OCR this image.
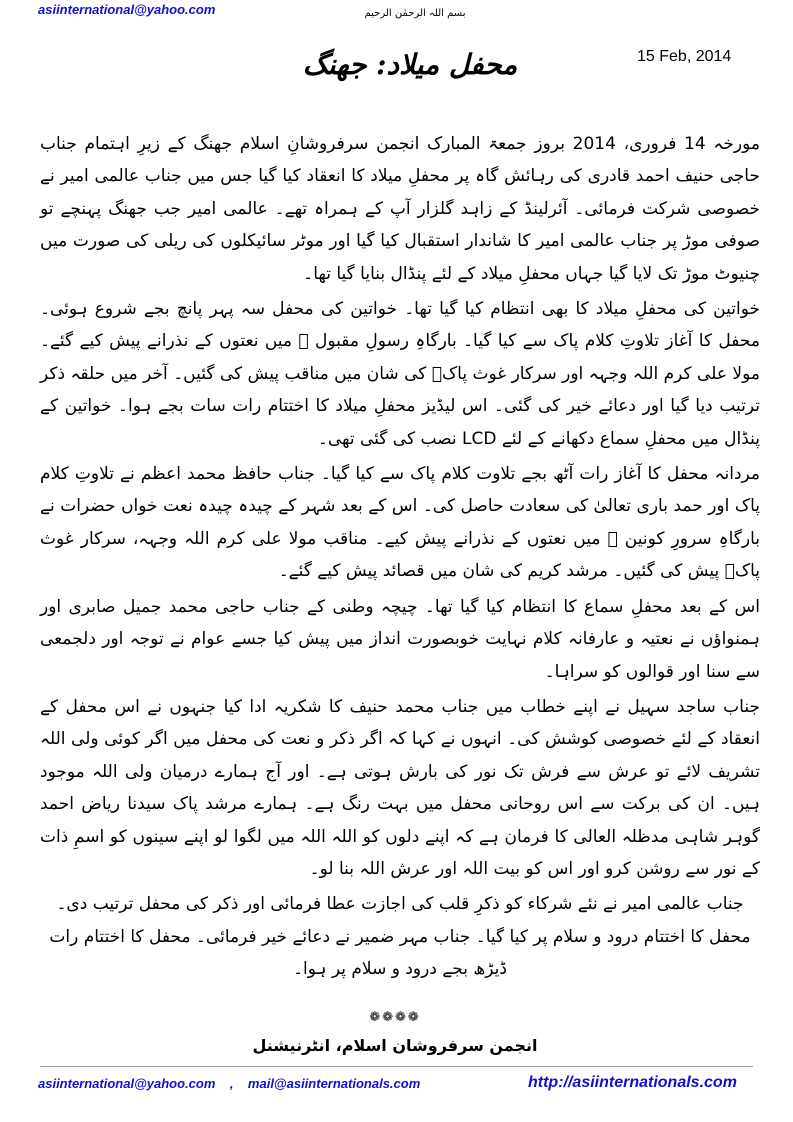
asiinternational@yahoo.com	بسم اللہ الرحمٰن الرحیم
محفل میلاد: جھنگ	15 Feb, 2014

مورخہ 14 فروری، 2014 بروز جمعۃ المبارک انجمن سرفروشانِ اسلام جھنگ کے زیرِ اہتمام جناب حاجی حنیف احمد قادری کی رہائش گاہ پر محفلِ میلاد کا انعقاد کیا گیا جس میں جناب عالمی امیر نے خصوصی شرکت فرمائی۔ آئرلینڈ کے زاہد گلزار آپ کے ہمراہ تھے۔ عالمی امیر جب جھنگ پہنچے تو صوفی موڑ پر جناب عالمی امیر کا شاندار استقبال کیا گیا اور موٹر سائیکلوں کی ریلی کی صورت میں چنیوٹ موڑ تک لایا گیا جہاں محفلِ میلاد کے لئے پنڈال بنایا گیا تھا۔

خواتین کی محفلِ میلاد کا بھی انتظام کیا گیا تھا۔ خواتین کی محفل سہ پہر پانچ بجے شروع ہوئی۔ محفل کا آغاز تلاوتِ کلام پاک سے کیا گیا۔ بارگاہِ رسولِ مقبول ﷺ میں نعتوں کے نذرانے پیش کیے گئے۔ مولا علی کرم اللہ وجہہ اور سرکار غوث پاکؓ کی شان میں مناقب پیش کی گئیں۔ آخر میں حلقہ ذکر ترتیب دیا گیا اور دعائے خیر کی گئی۔ اس لیڈیز محفلِ میلاد کا اختتام رات سات بجے ہوا۔ خواتین کے پنڈال میں محفلِ سماع دکھانے کے لئے LCD نصب کی گئی تھی۔

مردانہ محفل کا آغاز رات آٹھ بجے تلاوت کلام پاک سے کیا گیا۔ جناب حافظ محمد اعظم نے تلاوتِ کلام پاک اور حمد باری تعالیٰ کی سعادت حاصل کی۔ اس کے بعد شہر کے چیدہ چیدہ نعت خواں حضرات نے بارگاہِ سرورِ کونین ﷺ میں نعتوں کے نذرانے پیش کیے۔ مناقب مولا علی کرم اللہ وجہہ، سرکار غوث پاکؓ پیش کی گئیں۔ مرشد کریم کی شان میں قصائد پیش کیے گئے۔

اس کے بعد محفلِ سماع کا انتظام کیا گیا تھا۔ چیچہ وطنی کے جناب حاجی محمد جمیل صابری اور ہمنواؤں نے نعتیہ و عارفانہ کلام نہایت خوبصورت انداز میں پیش کیا جسے عوام نے توجہ اور دلجمعی سے سنا اور قوالوں کو سراہا۔

جناب ساجد سہیل نے اپنے خطاب میں جناب محمد حنیف کا شکریہ ادا کیا جنہوں نے اس محفل کے انعقاد کے لئے خصوصی کوشش کی۔ انہوں نے کہا کہ اگر ذکر و نعت کی محفل میں اگر کوئی ولی اللہ تشریف لائے تو عرش سے فرش تک نور کی بارش ہوتی ہے۔ اور آج ہمارے درمیان ولی اللہ موجود ہیں۔ ان کی برکت سے اس روحانی محفل میں بہت رنگ ہے۔ ہمارے مرشد پاک سیدنا ریاض احمد گوہر شاہی مدظلہ العالی کا فرمان ہے کہ اپنے دلوں کو اللہ اللہ میں لگوا لو اپنے سینوں کو اسمِ ذات کے نور سے روشن کرو اور اس کو بیت اللہ اور عرش اللہ بنا لو۔

جناب عالمی امیر نے نئے شرکاء کو ذکرِ قلب کی اجازت عطا فرمائی اور ذکر کی محفل ترتیب دی۔ محفل کا اختتام درود و سلام پر کیا گیا۔ جناب مہر ضمیر نے دعائے خیر فرمائی۔ محفل کا اختتام رات ڈیڑھ بجے درود و سلام پر ہوا۔

❁❁❁❁
انجمن سرفروشان اسلام، انٹرنیشنل
asiinternational@yahoo.com , mail@asiinternationals.com	http://asiinternationals.com
